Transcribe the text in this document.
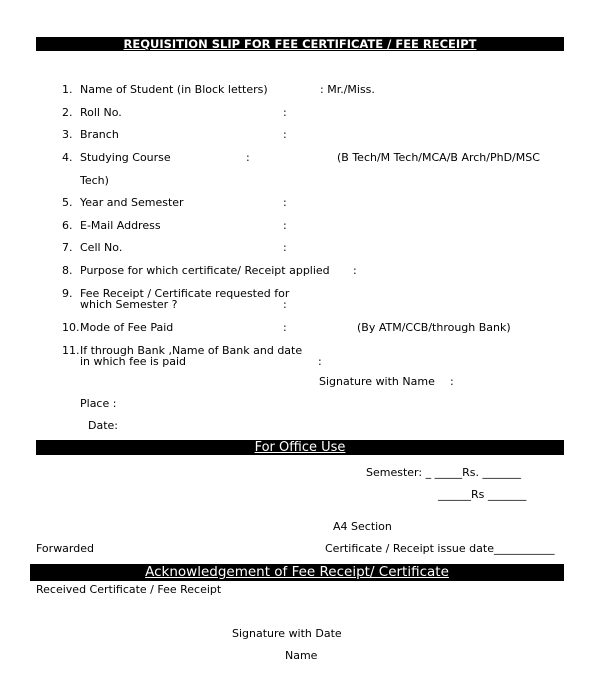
REQUISITION SLIP FOR FEE CERTIFICATE / FEE RECEIPT
1. Name of Student (in Block letters)	: Mr./Miss.
2. Roll No.	:
3. Branch	:
4. Studying Course	:	(B Tech/M Tech/MCA/B Arch/PhD/MSC
Tech)
5. Year and Semester	:
6. E-Mail Address	:
7. Cell No.	:
8. Purpose for which certificate/ Receipt applied :
9. Fee Receipt / Certificate requested for
which Semester ?	:
10. Mode of Fee Paid	:	(By ATM/CCB/through Bank)
11. If through Bank ,Name of Bank and date
in which fee is paid	:
Signature with Name :
Place :
Date:
For Office Use
Semester: _ _____Rs. _______
______Rs _______
A4 Section
Forwarded	Certificate / Receipt issue date___________
Acknowledgement of Fee Receipt/ Certificate
Received Certificate / Fee Receipt
Signature with Date
Name
